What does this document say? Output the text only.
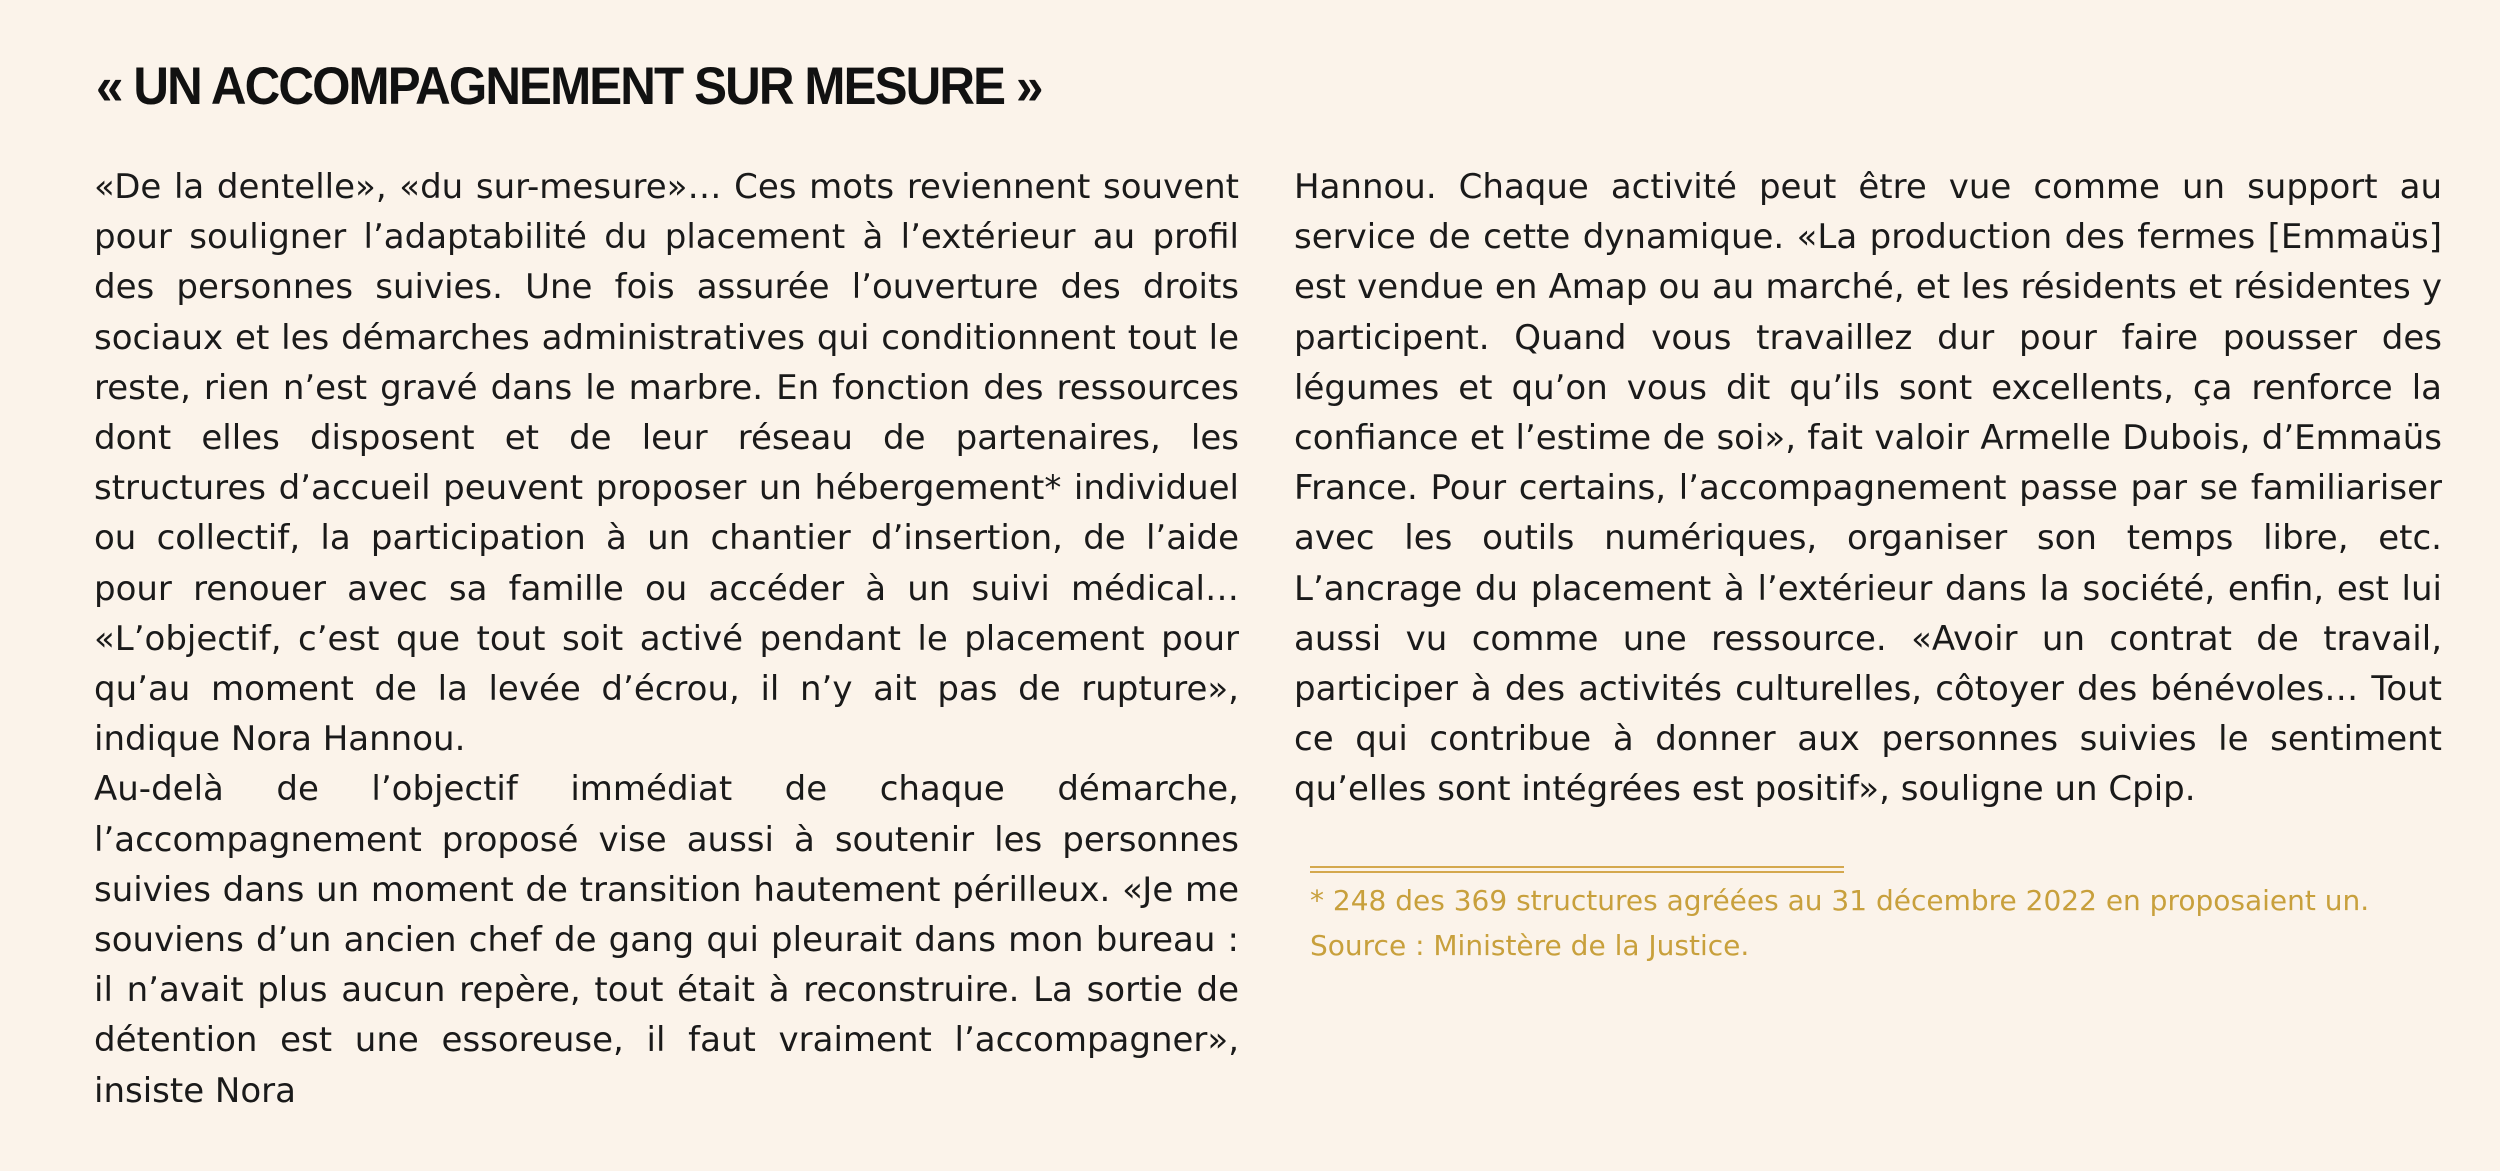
« UN ACCOMPAGNEMENT SUR MESURE »

«De la dentelle», «du sur-mesure»… Ces mots reviennent souvent pour souligner l’adaptabilité du placement à l’extérieur au profil des personnes suivies. Une fois assurée l’ouverture des droits sociaux et les démarches administratives qui conditionnent tout le reste, rien n’est gravé dans le marbre. En fonction des ressources dont elles disposent et de leur réseau de partenaires, les structures d’accueil peuvent proposer un hébergement* individuel ou collectif, la participation à un chantier d’insertion, de l’aide pour renouer avec sa famille ou accéder à un suivi médical… «L’objectif, c’est que tout soit activé pendant le placement pour qu’au moment de la levée d’écrou, il n’y ait pas de rupture», indique Nora Hannou.

Au-delà de l’objectif immédiat de chaque démarche, l’accompagnement proposé vise aussi à soutenir les personnes suivies dans un moment de transition hautement périlleux. «Je me souviens d’un ancien chef de gang qui pleurait dans mon bureau : il n’avait plus aucun repère, tout était à reconstruire. La sortie de détention est une essoreuse, il faut vraiment l’accompagner», insiste Nora

Hannou. Chaque activité peut être vue comme un support au service de cette dynamique. «La production des fermes [Emmaüs] est vendue en Amap ou au marché, et les résidents et résidentes y participent. Quand vous travaillez dur pour faire pousser des légumes et qu’on vous dit qu’ils sont excellents, ça renforce la confiance et l’estime de soi», fait valoir Armelle Dubois, d’Emmaüs France. Pour certains, l’accompagnement passe par se familiariser avec les outils numériques, organiser son temps libre, etc. L’ancrage du placement à l’extérieur dans la société, enfin, est lui aussi vu comme une ressource. «Avoir un contrat de travail, participer à des activités culturelles, côtoyer des bénévoles… Tout ce qui contribue à donner aux personnes suivies le sentiment qu’elles sont intégrées est positif», souligne un Cpip.

* 248 des 369 structures agréées au 31 décembre 2022 en proposaient un.
Source : Ministère de la Justice.
